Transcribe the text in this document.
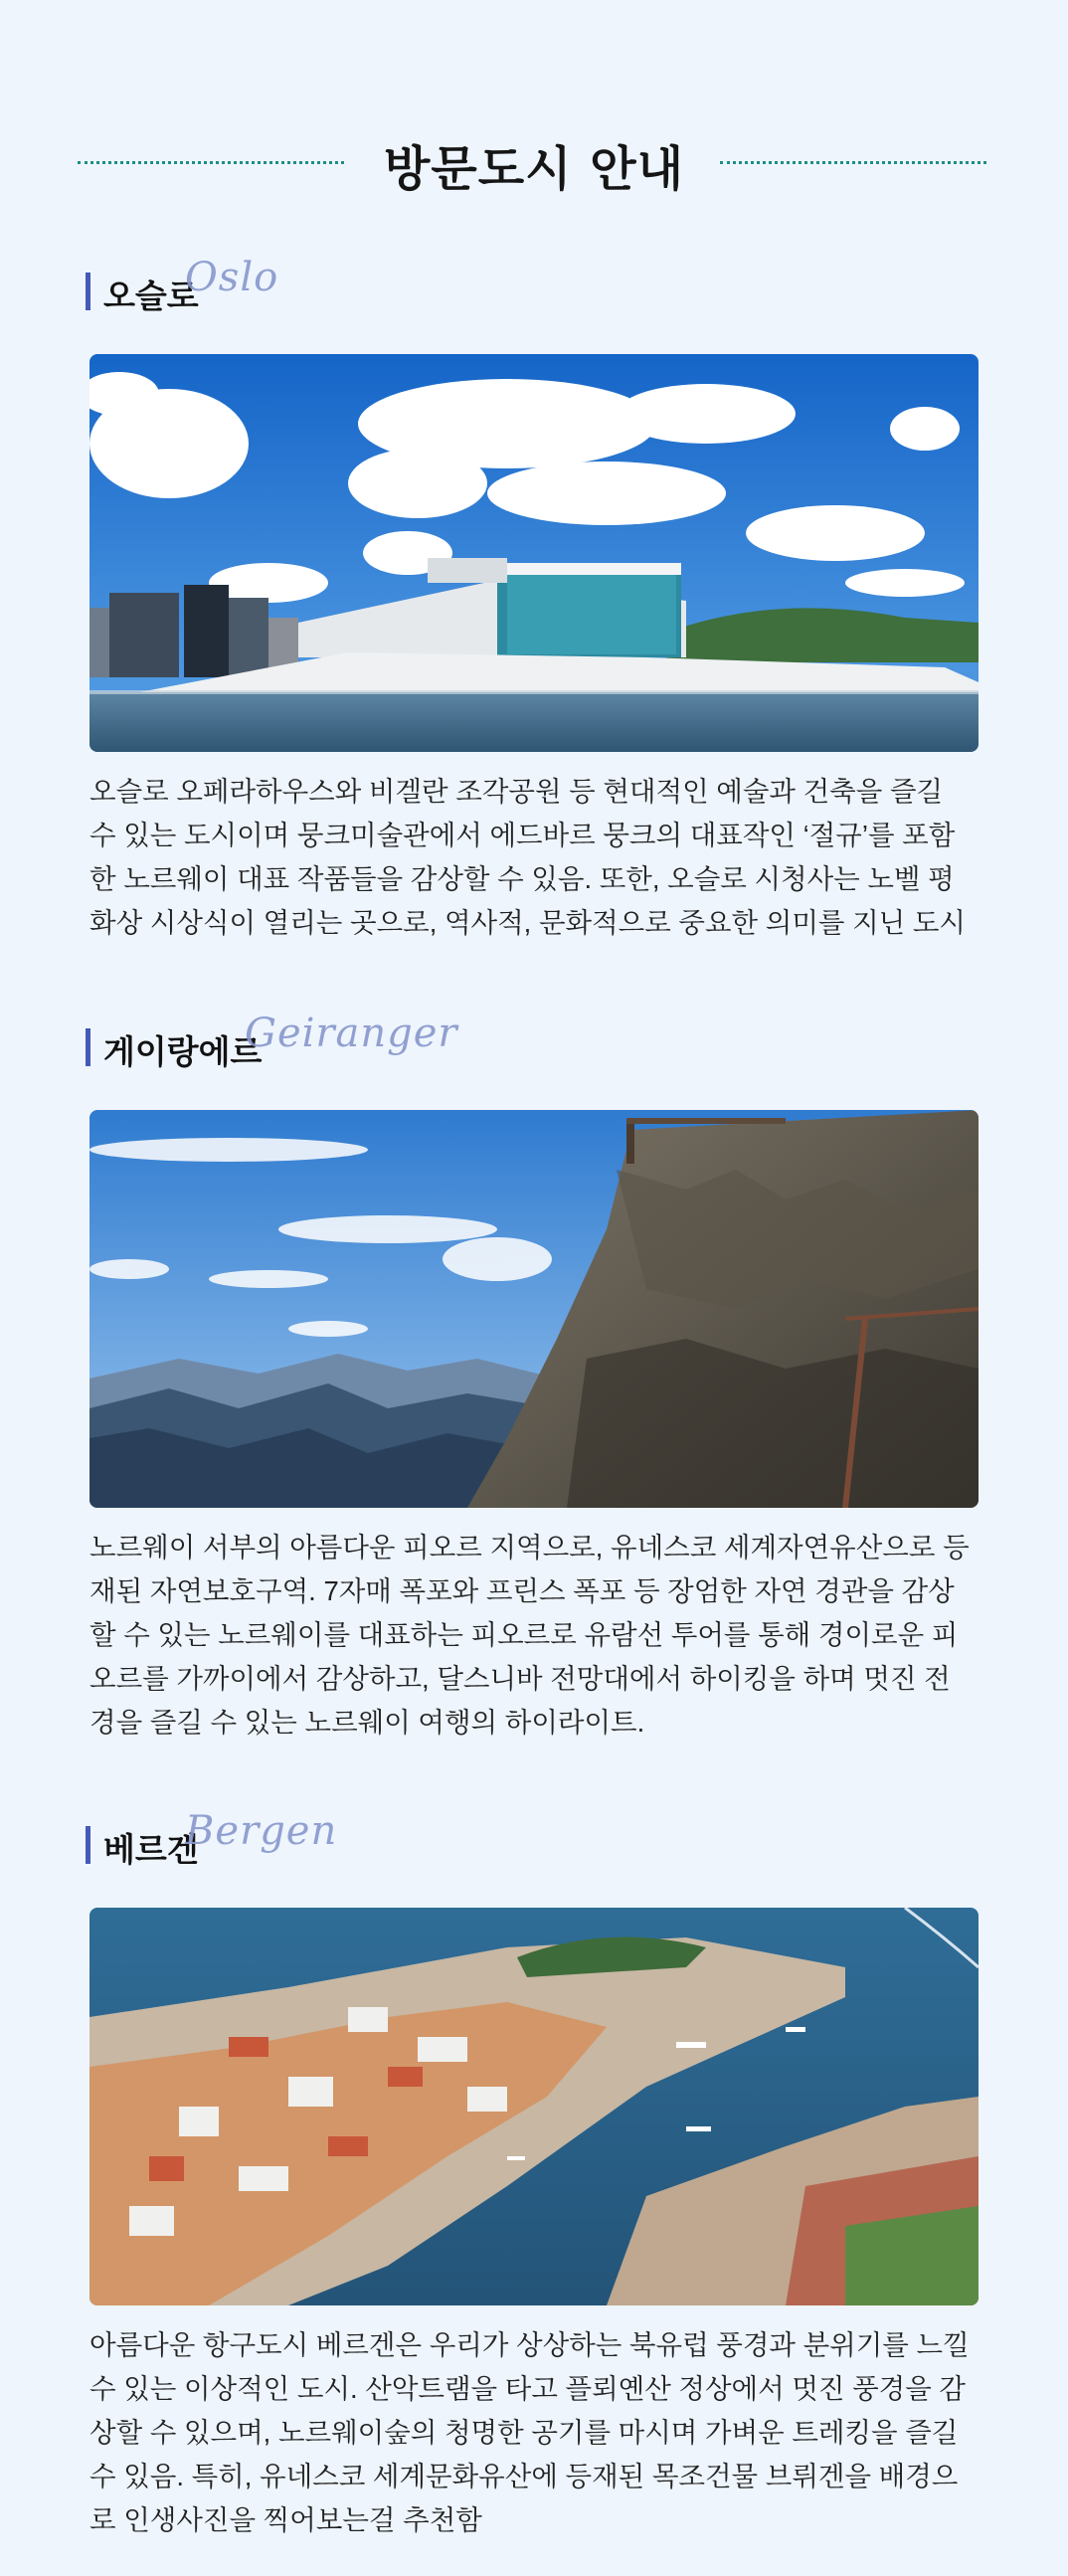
방문도시 안내
오슬로
Oslo

오슬로 오페라하우스와 비겔란 조각공원 등 현대적인 예술과 건축을 즐길 수 있는 도시이며 뭉크미술관에서 에드바르 뭉크의 대표작인 ‘절규’를 포함한 노르웨이 대표 작품들을 감상할 수 있음. 또한, 오슬로 시청사는 노벨 평화상 시상식이 열리는 곳으로, 역사적, 문화적으로 중요한 의미를 지닌 도시

게이랑에르
Geiranger

노르웨이 서부의 아름다운 피오르 지역으로, 유네스코 세계자연유산으로 등재된 자연보호구역. 7자매 폭포와 프린스 폭포 등 장엄한 자연 경관을 감상할 수 있는 노르웨이를 대표하는 피오르로 유람선 투어를 통해 경이로운 피오르를 가까이에서 감상하고, 달스니바 전망대에서 하이킹을 하며 멋진 전경을 즐길 수 있는 노르웨이 여행의 하이라이트.

베르겐
Bergen

아름다운 항구도시 베르겐은 우리가 상상하는 북유럽 풍경과 분위기를 느낄 수 있는 이상적인 도시. 산악트램을 타고 플뢰옌산 정상에서 멋진 풍경을 감상할 수 있으며, 노르웨이숲의 청명한 공기를 마시며 가벼운 트레킹을 즐길 수 있음. 특히, 유네스코 세계문화유산에 등재된 목조건물 브뤼겐을 배경으로 인생사진을 찍어보는걸 추천함
